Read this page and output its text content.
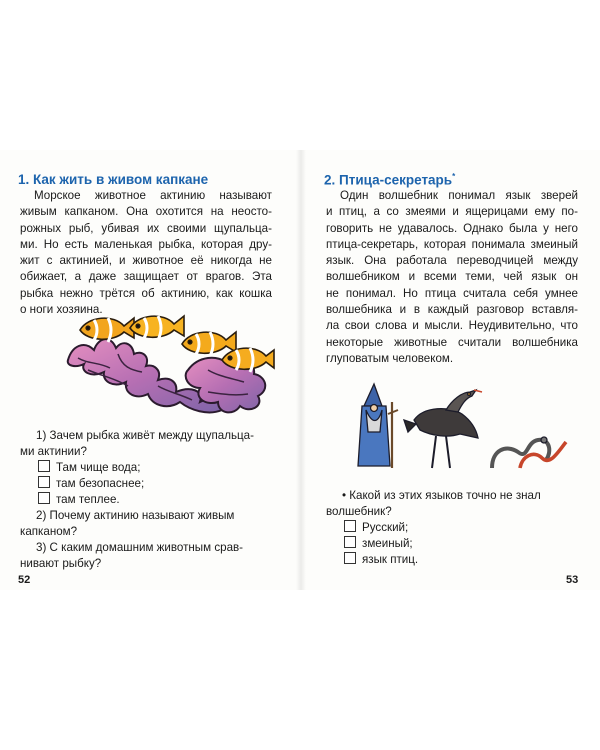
1. Как жить в живом капкане
Морское животное актинию называют
живым капканом. Она охотится на неосто-
рожных рыб, убивая их своими щупальца-
ми. Но есть маленькая рыбка, которая дру-
жит с актинией, и животное её никогда не
обижает, а даже защищает от врагов. Эта
рыбка нежно трётся об актинию, как кошка
о ноги хозяина.
1) Зачем рыбка живёт между щупальца-
ми актинии?
Там чище вода;
там безопаснее;
там теплее.
2) Почему актинию называют живым
капканом?
3) С каким домашним животным срав-
нивают рыбку?
52
2. Птица-секретарь*
Один волшебник понимал язык зверей
и птиц, а со змеями и ящерицами ему по-
говорить не удавалось. Однако была у него
птица-секретарь, которая понимала змеиный
язык. Она работала переводчицей между
волшебником и всеми теми, чей язык он
не понимал. Но птица считала себя умнее
волшебника и в каждый разговор вставля-
ла свои слова и мысли. Неудивительно, что
некоторые животные считали волшебника
глуповатым человеком.
• Какой из этих языков точно не знал
волшебник?
Русский;
змеиный;
язык птиц.
53
